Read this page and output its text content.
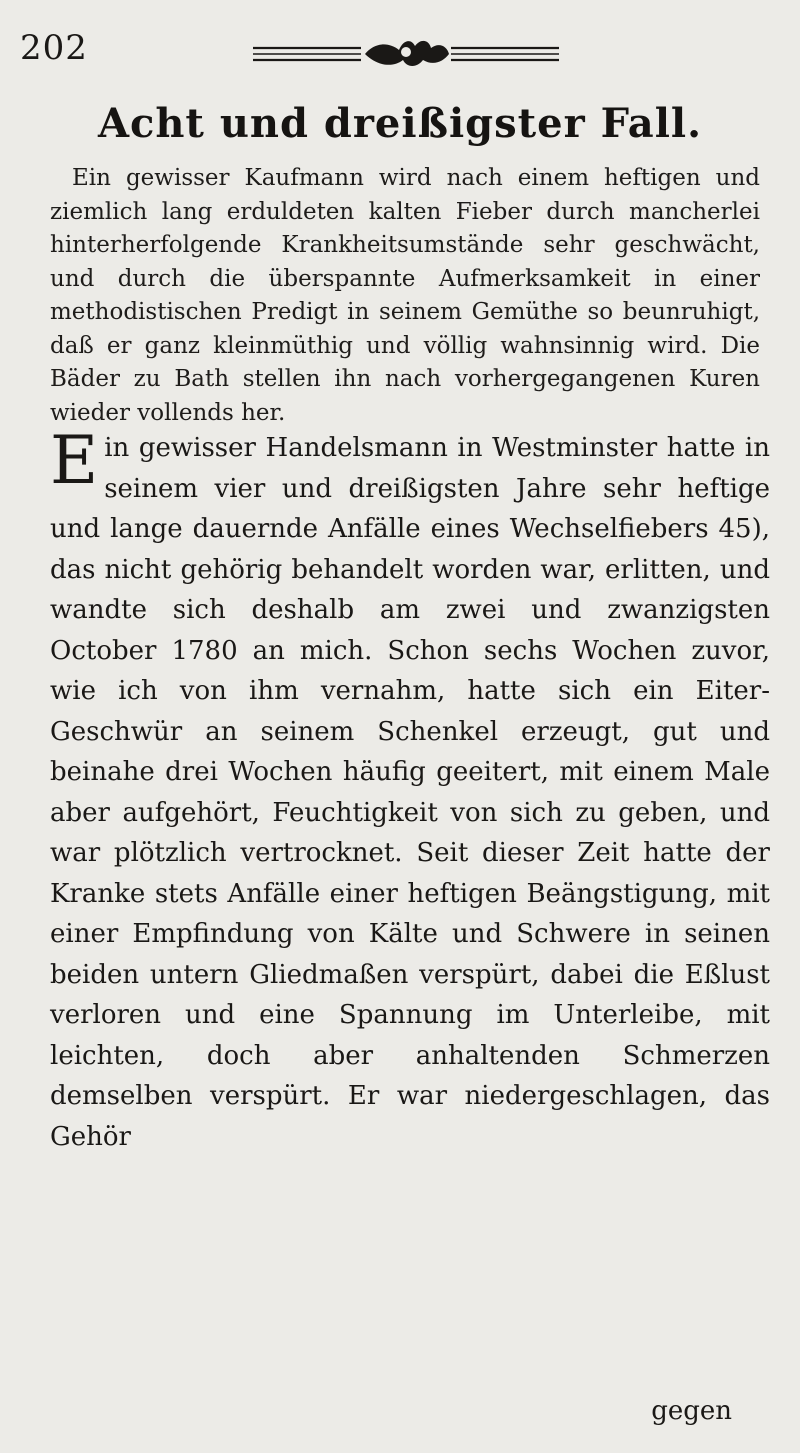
202
Acht und dreißigster Fall.
Ein gewisser Kaufmann wird nach einem heftigen und ziemlich lang erduldeten kalten Fieber durch mancherlei hinterherfolgende Krankheitsumstände sehr geschwächt, und durch die überspannte Aufmerksamkeit in einer methodistischen Predigt in seinem Gemüthe so beunruhigt, daß er ganz kleinmüthig und völlig wahnsinnig wird. Die Bäder zu Bath stellen ihn nach vorhergegangenen Kuren wieder vollends her.
Ein gewisser Handelsmann in Westminster hatte in seinem vier und dreißigsten Jahre sehr heftige und lange dauernde Anfälle eines Wechselfiebers 45), das nicht gehörig behandelt worden war, erlitten, und wandte sich deshalb am zwei und zwanzigsten October 1780 an mich. Schon sechs Wochen zuvor, wie ich von ihm vernahm, hatte sich ein Eiter-Geschwür an seinem Schenkel erzeugt, gut und beinahe drei Wochen häufig geeitert, mit einem Male aber aufgehört, Feuchtigkeit von sich zu geben, und war plötzlich vertrocknet. Seit dieser Zeit hatte der Kranke stets Anfälle einer heftigen Beängstigung, mit einer Empfindung von Kälte und Schwere in seinen beiden untern Gliedmaßen verspürt, dabei die Eßlust verloren und eine Spannung im Unterleibe, mit leichten, doch aber anhaltenden Schmerzen demselben verspürt. Er war niedergeschlagen, das Gehör
gegen
